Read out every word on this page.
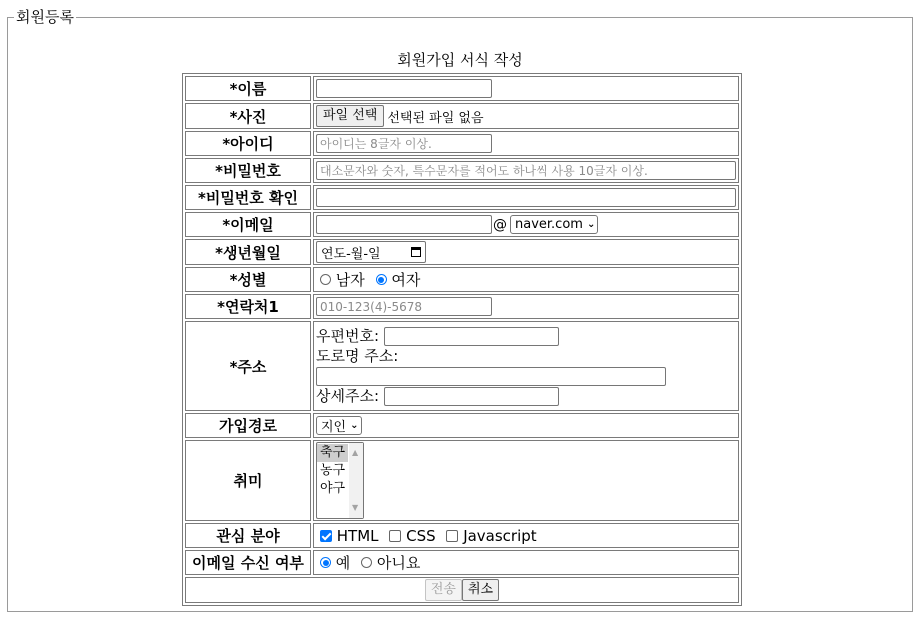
회원등록
회원가입 서식 작성
*이름	
*사진	파일 선택 선택된 파일 없음
*아이디	아이디는 8글자 이상.
*비밀번호	
*비밀번호 확인	
*이메일	@ naver.com ⌄

*생년월일	연도-월-일

*성별	남자 여자
*연락처1	010-123(4)-5678
*주소	우편번호:
도로명 주소:
상세주소:

가입경로	지인 ⌄

취미	축구
농구
야구
▲
▼

관심 분야	HTML CSS Javascript
이메일 수신 여부	예 아니요
전송 취소	
